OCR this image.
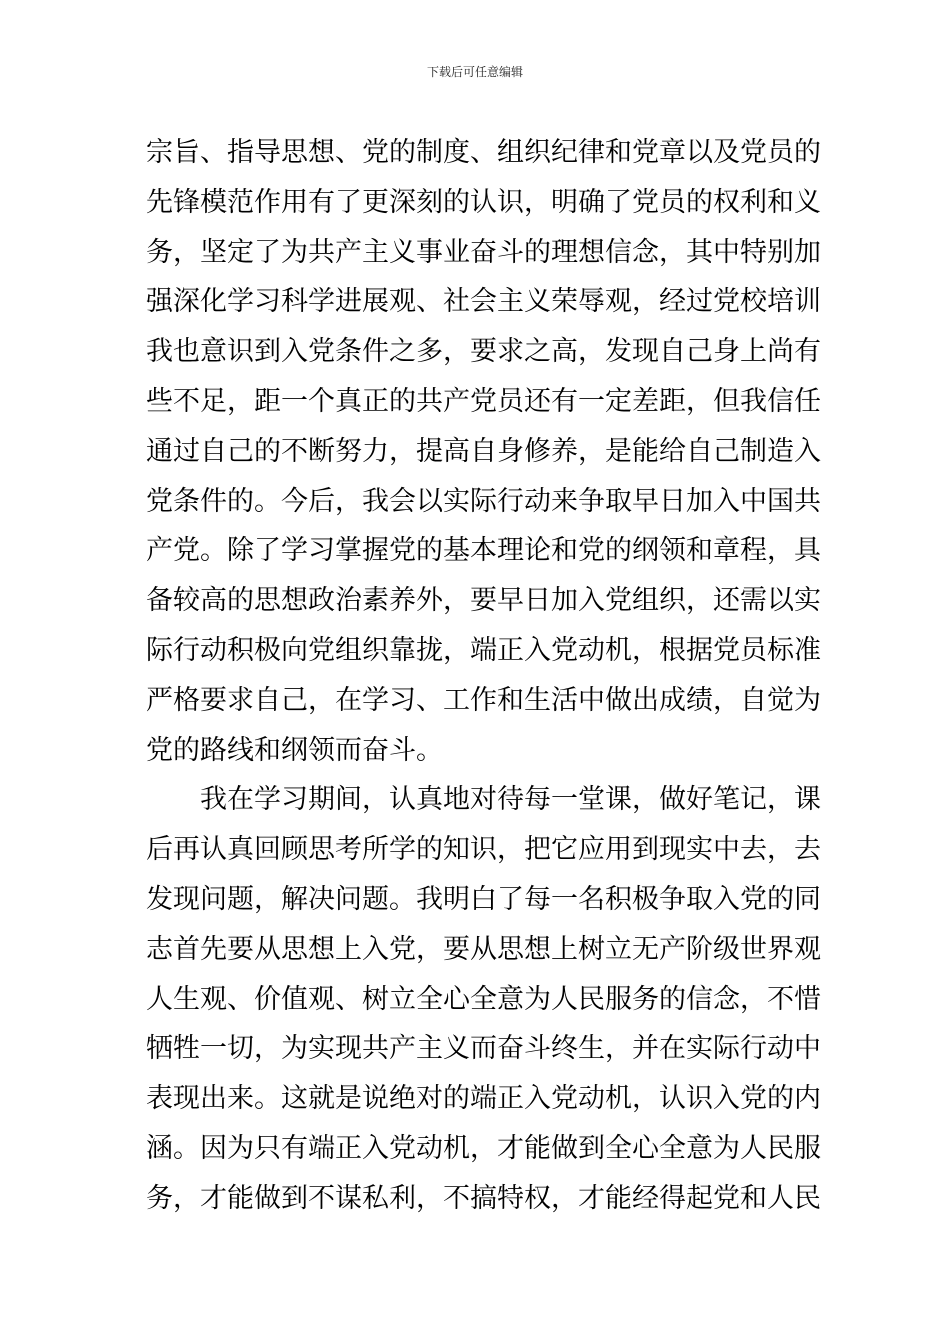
下载后可任意编辑
宗旨、指导思想、党的制度、组织纪律和党章以及党员的
先锋模范作用有了更深刻的认识，明确了党员的权利和义
务，坚定了为共产主义事业奋斗的理想信念，其中特别加
强深化学习科学进展观、社会主义荣辱观，经过党校培训
我也意识到入党条件之多，要求之高，发现自己身上尚有
些不足，距一个真正的共产党员还有一定差距，但我信任
通过自己的不断努力，提高自身修养，是能给自己制造入
党条件的。今后，我会以实际行动来争取早日加入中国共
产党。除了学习掌握党的基本理论和党的纲领和章程，具
备较高的思想政治素养外，要早日加入党组织，还需以实
际行动积极向党组织靠拢，端正入党动机，根据党员标准
严格要求自己，在学习、工作和生活中做出成绩，自觉为
党的路线和纲领而奋斗。
我在学习期间，认真地对待每一堂课，做好笔记，课
后再认真回顾思考所学的知识，把它应用到现实中去，去
发现问题，解决问题。我明白了每一名积极争取入党的同
志首先要从思想上入党，要从思想上树立无产阶级世界观
人生观、价值观、树立全心全意为人民服务的信念，不惜
牺牲一切，为实现共产主义而奋斗终生，并在实际行动中
表现出来。这就是说绝对的端正入党动机，认识入党的内
涵。因为只有端正入党动机，才能做到全心全意为人民服
务，才能做到不谋私利，不搞特权，才能经得起党和人民
